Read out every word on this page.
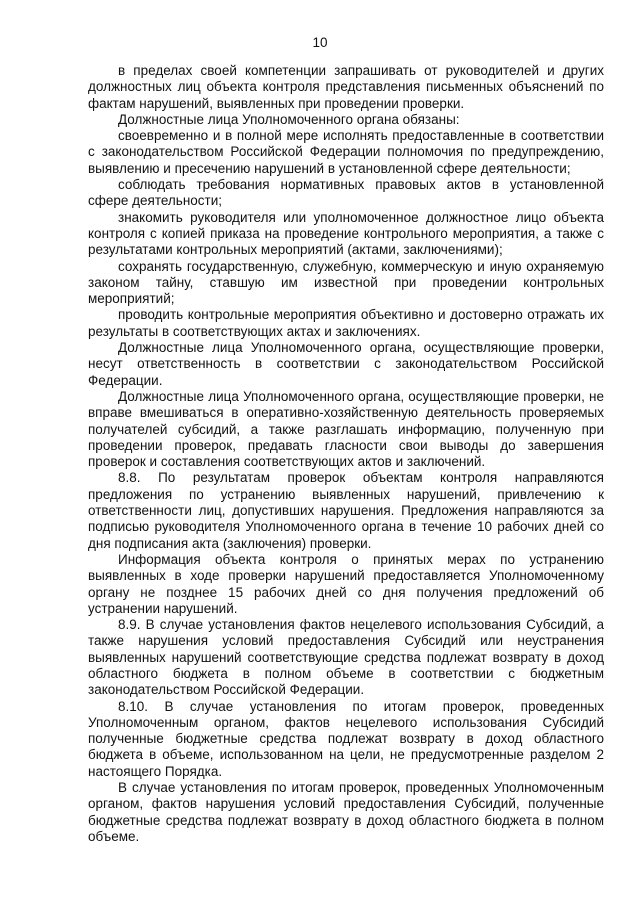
10

в пределах своей компетенции запрашивать от руководителей и других должностных лиц объекта контроля представления письменных объяснений по фактам нарушений, выявленных при проведении проверки.

Должностные лица Уполномоченного органа обязаны:

своевременно и в полной мере исполнять предоставленные в соответствии с законодательством Российской Федерации полномочия по предупреждению, выявлению и пресечению нарушений в установленной сфере деятельности;

соблюдать требования нормативных правовых актов в установленной сфере деятельности;

знакомить руководителя или уполномоченное должностное лицо объекта контроля с копией приказа на проведение контрольного мероприятия, а также с результатами контрольных мероприятий (актами, заключениями);

сохранять государственную, служебную, коммерческую и иную охраняемую законом тайну, ставшую им известной при проведении контрольных мероприятий;

проводить контрольные мероприятия объективно и достоверно отражать их результаты в соответствующих актах и заключениях.

Должностные лица Уполномоченного органа, осуществляющие проверки, несут ответственность в соответствии с законодательством Российской Федерации.

Должностные лица Уполномоченного органа, осуществляющие проверки, не вправе вмешиваться в оперативно-хозяйственную деятельность проверяемых получателей субсидий, а также разглашать информацию, полученную при проведении проверок, предавать гласности свои выводы до завершения проверок и составления соответствующих актов и заключений.

8.8. По результатам проверок объектам контроля направляются предложения по устранению выявленных нарушений, привлечению к ответственности лиц, допустивших нарушения. Предложения направляются за подписью руководителя Уполномоченного органа в течение 10 рабочих дней со дня подписания акта (заключения) проверки.

Информация объекта контроля о принятых мерах по устранению выявленных в ходе проверки нарушений предоставляется Уполномоченному органу не позднее 15 рабочих дней со дня получения предложений об устранении нарушений.

8.9. В случае установления фактов нецелевого использования Субсидий, а также нарушения условий предоставления Субсидий или неустранения выявленных нарушений соответствующие средства подлежат возврату в доход областного бюджета в полном объеме в соответствии с бюджетным законодательством Российской Федерации.

8.10. В случае установления по итогам проверок, проведенных Уполномоченным органом, фактов нецелевого использования Субсидий полученные бюджетные средства подлежат возврату в доход областного бюджета в объеме, использованном на цели, не предусмотренные разделом 2 настоящего Порядка.

В случае установления по итогам проверок, проведенных Уполномоченным органом, фактов нарушения условий предоставления Субсидий, полученные бюджетные средства подлежат возврату в доход областного бюджета в полном объеме.
